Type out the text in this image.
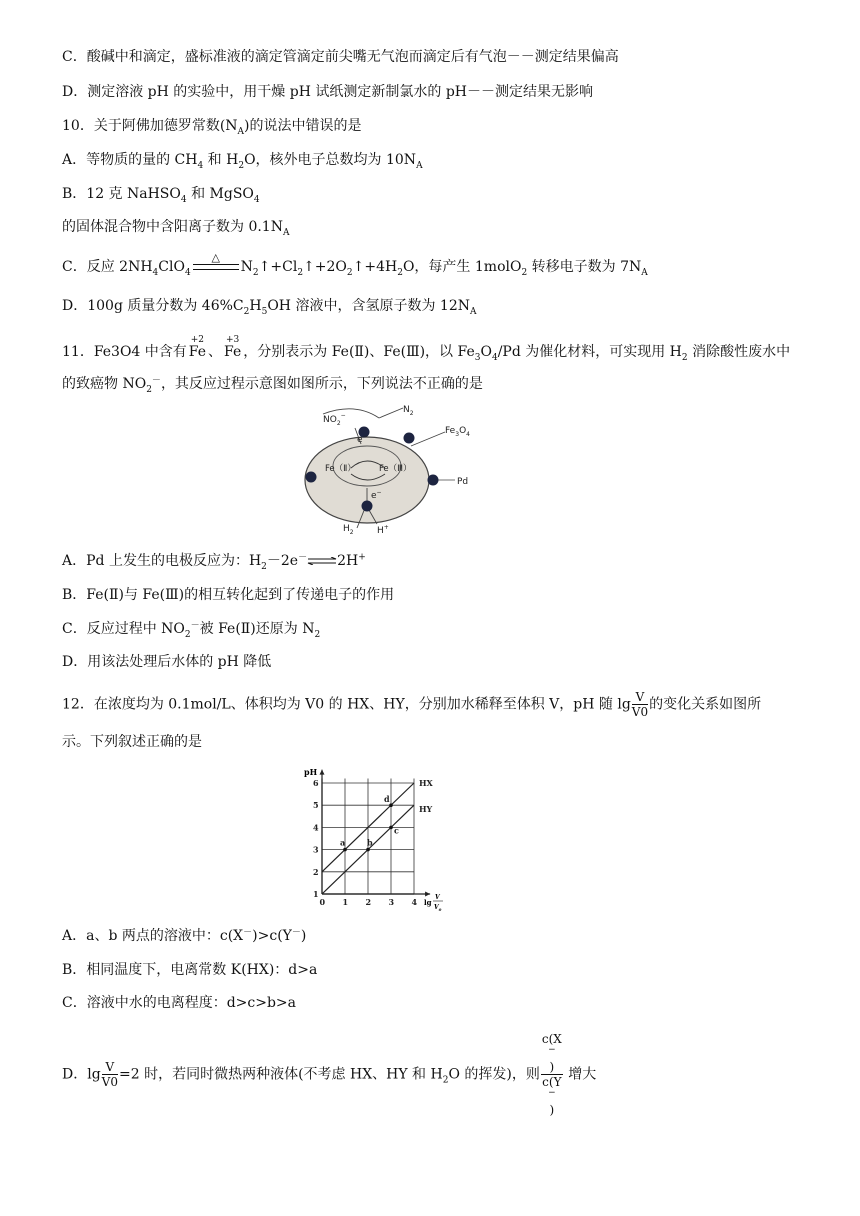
C．酸碱中和滴定，盛标准液的滴定管滴定前尖嘴无气泡而滴定后有气泡－－测定结果偏高
D．测定溶液 pH 的实验中，用干燥 pH 试纸测定新制氯水的 pH－－测定结果无影响
10．关于阿佛加德罗常数$(N_A)$的说法中错误的是
A．等物质的量的 $CH_4$ 和 $H_2O$，核外电子总数均为 $10N_A$
B．12 克 NaHSO$_4$ 和 MgSO$_4$
的固体混合物中含阳离子数为 $0.1N_A$
C．反应 $2NH_4ClO_4$
△
$N_2↑+Cl_2↑+2O_2↑+4H_2O$，每产生 1molO$_2$ 转移电子数为 $7N_A$
D．100g 质量分数为 $46\%C_2H_5OH$ 溶液中，含氢原子数为 $12N_A$
11．Fe3O4 中含有
+2
Fe 、
+3
Fe ，分别表示为 Fe(Ⅱ)、Fe(Ⅲ)，以 $Fe_3O_4/Pd$ 为催化材料，可实现用 $H_2$ 消除酸性废水中
的致癌物 $NO_2^-$，其反应过程示意图如图所示，下列说法不正确的是
$NO_2^-$
$N_2$
e−
Fe（Ⅱ）	Fe（Ⅲ）
$Fe_3O_4$
e−
Pd
$H_2$	H+
A．Pd 上发生的电极反应为：$H_2-2e^-\rightleftharpoons 2H^+$
B．Fe(Ⅱ)与 Fe(Ⅲ)的相互转化起到了传递电子的作用
C．反应过程中 $NO_2^-$被 Fe(Ⅱ)还原为 $N_2$
D．用该法处理后水体的 pH 降低
12．在浓度均为 0.1mol/L、体积均为 V0 的 HX、HY，分别加水稀释至体积 V，pH 随 $\lg \frac{V}{V0}$ 的变化关系如图所
示。下列叙述正确的是
HX
HY
0 1 2 3 4
1
2
3
4
5
6
a	b
c
d
pH
lg
V
$V_0$
A．a、b 两点的溶液中：c(X－)>c(Y－)
B．相同温度下，电离常数 K(HX)：d>a
C．溶液中水的电离程度：d>c>b>a
D．$\lg \frac{V}{V0} =2$ 时，若同时微热两种液体(不考虑 HX、HY 和 $H_2O$ 的挥发)，则 c(X
−
)
c(Y
−
) 增大
